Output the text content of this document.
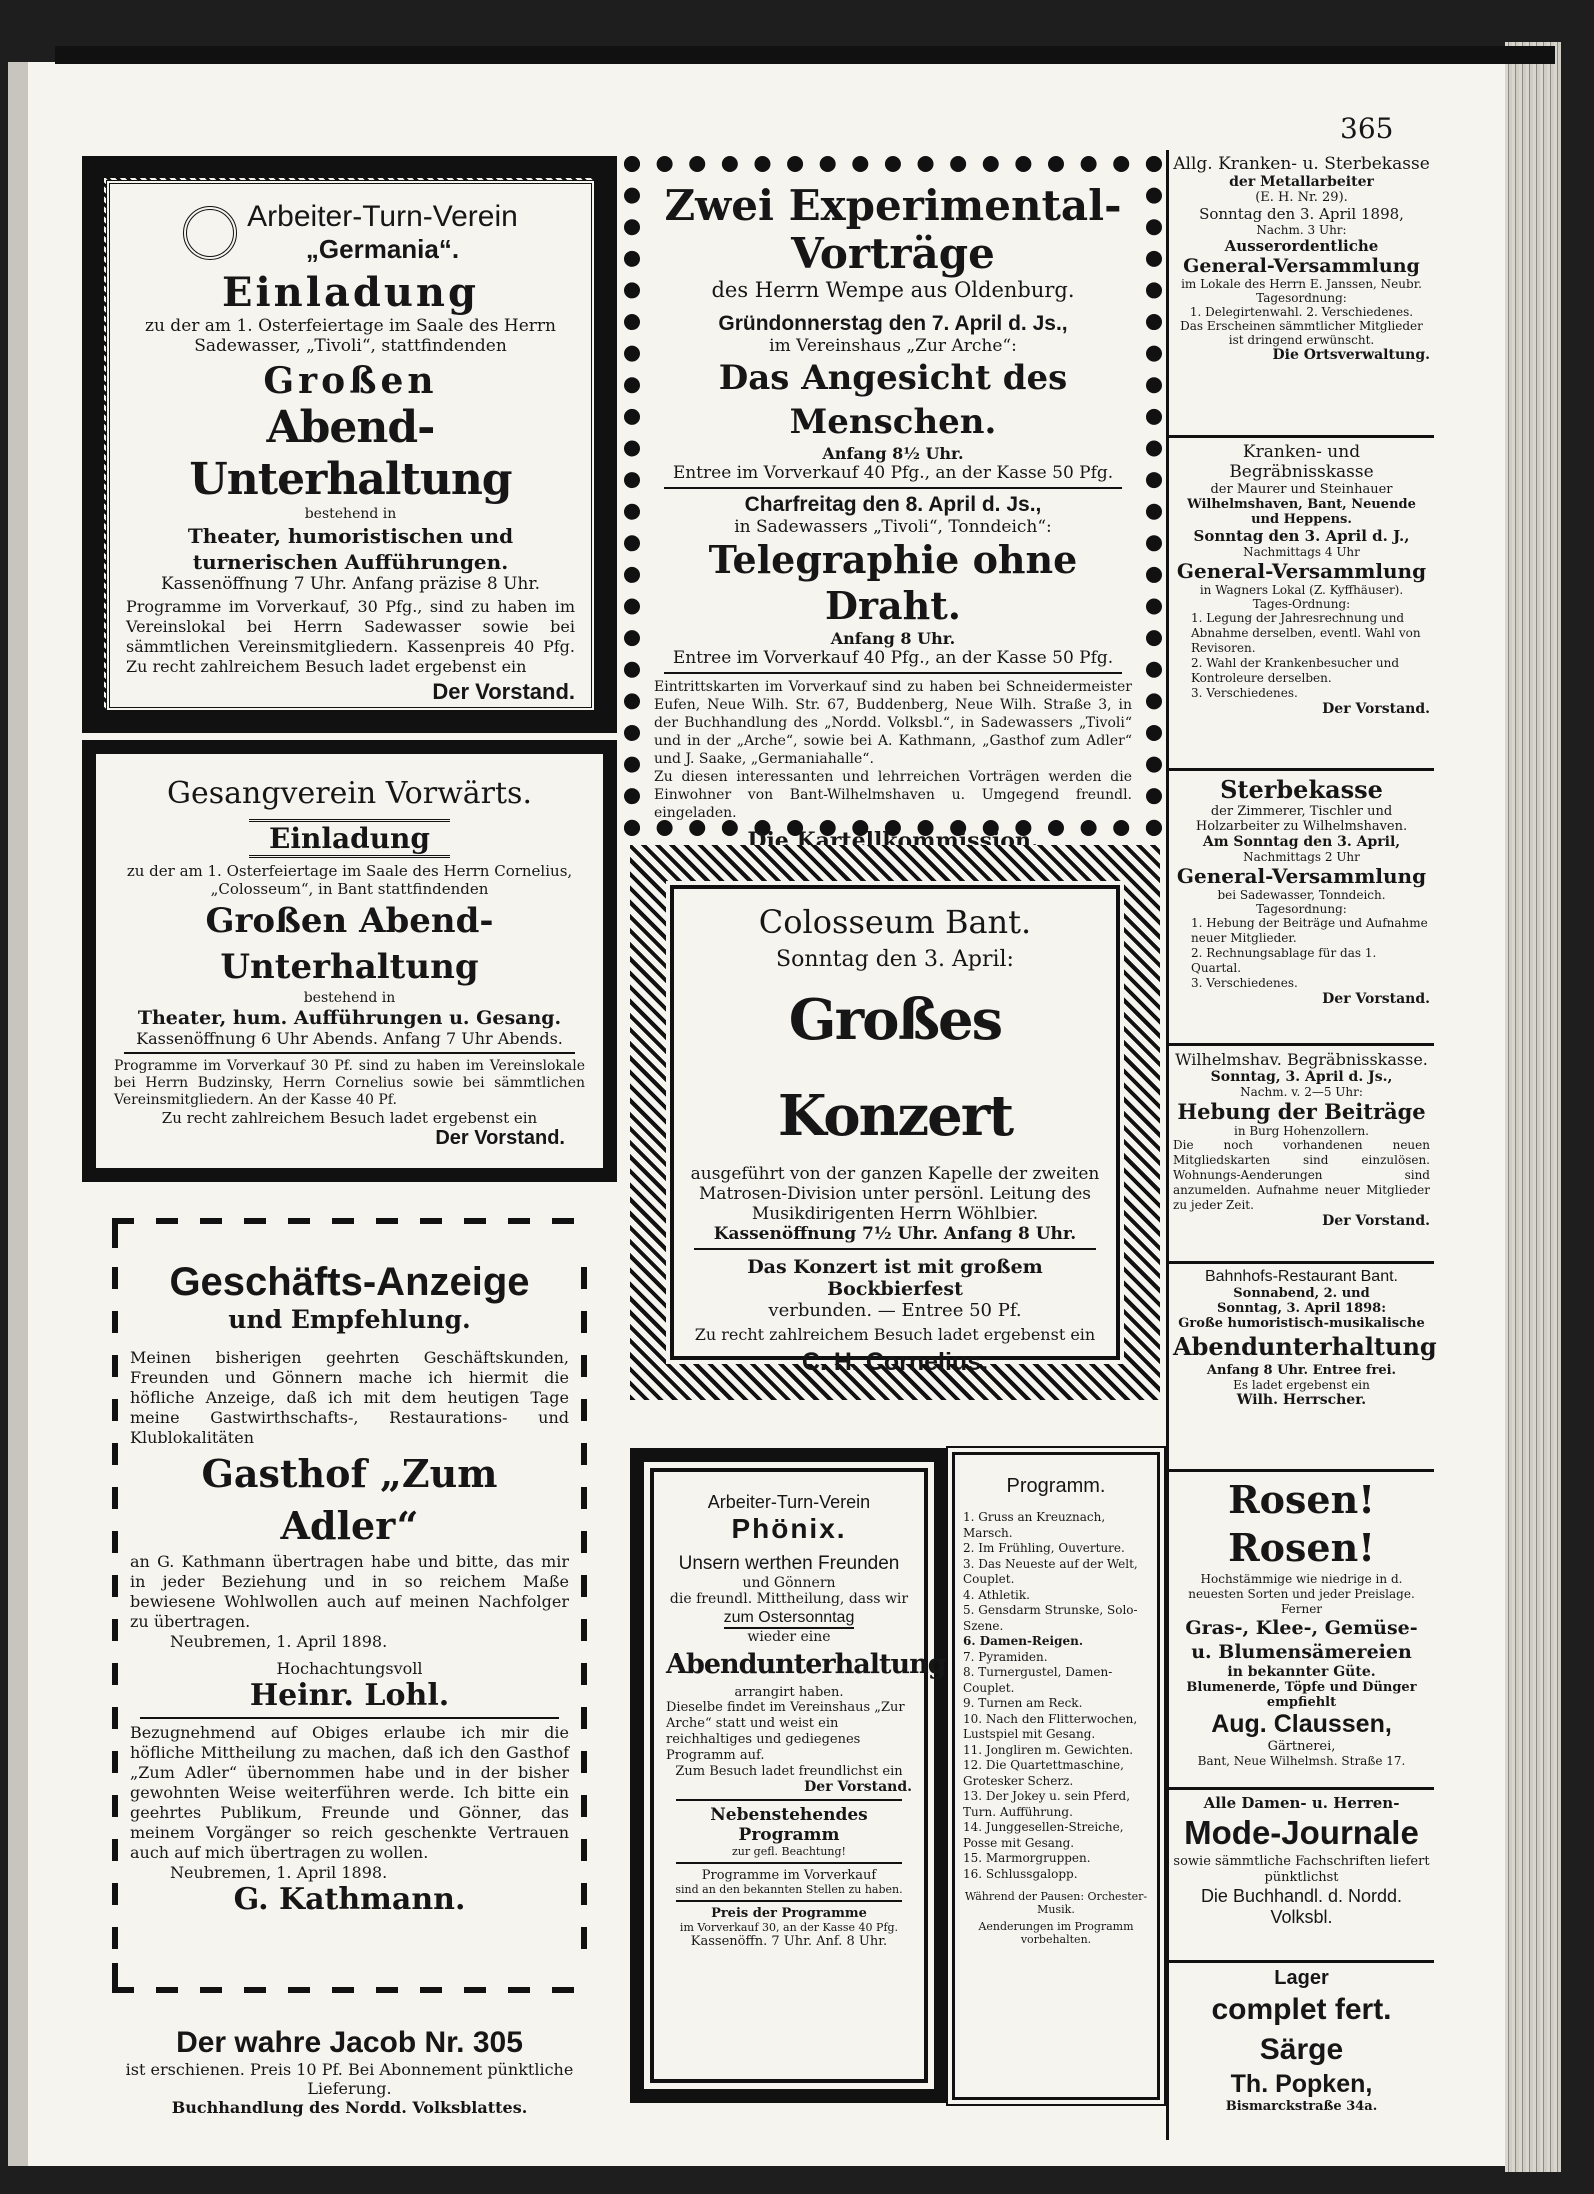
365
Arbeiter-Turn-Verein
„Germania“.
Einladung
zu der am 1. Osterfeiertage im Saale des Herrn Sadewasser, „Tivoli“, stattfindenden
Großen
Abend-Unterhaltung
bestehend in
Theater, humoristischen und turnerischen Aufführungen.
Kassenöffnung 7 Uhr. Anfang präzise 8 Uhr.
Programme im Vorverkauf, 30 Pfg., sind zu haben im Vereinslokal bei Herrn Sadewasser sowie bei sämmtlichen Vereinsmitgliedern. Kassenpreis 40 Pfg. Zu recht zahlreichem Besuch ladet ergebenst ein
Der Vorstand.
Zwei Experimental-Vorträge
des Herrn Wempe aus Oldenburg.
Gründonnerstag den 7. April d. Js.,
im Vereinshaus „Zur Arche“:
Das Angesicht des Menschen.
Anfang 8½ Uhr.
Entree im Vorverkauf 40 Pfg., an der Kasse 50 Pfg.
Charfreitag den 8. April d. Js.,
in Sadewassers „Tivoli“, Tonndeich“:
Telegraphie ohne Draht.
Anfang 8 Uhr.
Entree im Vorverkauf 40 Pfg., an der Kasse 50 Pfg.
Eintrittskarten im Vorverkauf sind zu haben bei Schneidermeister Eufen, Neue Wilh. Str. 67, Buddenberg, Neue Wilh. Straße 3, in der Buchhandlung des „Nordd. Volksbl.“, in Sadewassers „Tivoli“ und in der „Arche“, sowie bei A. Kathmann, „Gasthof zum Adler“ und J. Saake, „Germaniahalle“.
Zu diesen interessanten und lehrreichen Vorträgen werden die Einwohner von Bant-Wilhelmshaven u. Umgegend freundl. eingeladen.
Die Kartellkommission.
Gesangverein Vorwärts.
Einladung
zu der am 1. Osterfeiertage im Saale des Herrn Cornelius, „Colosseum“, in Bant stattfindenden
Großen Abend-Unterhaltung
bestehend in
Theater, hum. Aufführungen u. Gesang.
Kassenöffnung 6 Uhr Abends. Anfang 7 Uhr Abends.
Programme im Vorverkauf 30 Pf. sind zu haben im Vereinslokale bei Herrn Budzinsky, Herrn Cornelius sowie bei sämmtlichen Vereinsmitgliedern. An der Kasse 40 Pf.
Zu recht zahlreichem Besuch ladet ergebenst ein
Der Vorstand.
Colosseum Bant.
Sonntag den 3. April:
Großes Konzert
ausgeführt von der ganzen Kapelle der zweiten Matrosen-Division unter persönl. Leitung des Musikdirigenten Herrn Wöhlbier.
Kassenöffnung 7½ Uhr. Anfang 8 Uhr.
Das Konzert ist mit großem Bockbierfest
verbunden. — Entree 50 Pf.
Zu recht zahlreichem Besuch ladet ergebenst ein
C. H. Cornelius.
Geschäfts-Anzeige
und Empfehlung.
Meinen bisherigen geehrten Geschäftskunden, Freunden und Gönnern mache ich hiermit die höfliche Anzeige, daß ich mit dem heutigen Tage meine Gastwirthschafts-, Restaurations- und Klublokalitäten
Gasthof „Zum Adler“
an G. Kathmann übertragen habe und bitte, das mir in jeder Beziehung und in so reichem Maße bewiesene Wohlwollen auch auf meinen Nachfolger zu übertragen.
Neubremen, 1. April 1898.
Hochachtungsvoll
Heinr. Lohl.
Bezugnehmend auf Obiges erlaube ich mir die höfliche Mittheilung zu machen, daß ich den Gasthof „Zum Adler“ übernommen habe und in der bisher gewohnten Weise weiterführen werde. Ich bitte ein geehrtes Publikum, Freunde und Gönner, das meinem Vorgänger so reich geschenkte Vertrauen auch auf mich übertragen zu wollen.
Neubremen, 1. April 1898.
G. Kathmann.
Der wahre Jacob Nr. 305
ist erschienen. Preis 10 Pf. Bei Abonnement pünktliche Lieferung.
Buchhandlung des Nordd. Volksblattes.
Arbeiter-Turn-Verein
Phönix.
Unsern werthen Freunden
und Gönnern
die freundl. Mittheilung, dass wir
zum Ostersonntag
wieder eine
Abendunterhaltung
arrangirt haben.
Dieselbe findet im Vereinshaus „Zur Arche“ statt und weist ein reichhaltiges und gediegenes Programm auf.
Zum Besuch ladet freundlichst ein
Der Vorstand.
Nebenstehendes Programm
zur gefl. Beachtung!
Programme im Vorverkauf
sind an den bekannten Stellen zu haben.
Preis der Programme
im Vorverkauf 30, an der Kasse 40 Pfg.
Kassenöffn. 7 Uhr. Anf. 8 Uhr.
Programm.
1. Gruss an Kreuznach, Marsch.
2. Im Frühling, Ouverture.
3. Das Neueste auf der Welt, Couplet.
4. Athletik.
5. Gensdarm Strunske, Solo-Szene.
6. Damen-Reigen.
7. Pyramiden.
8. Turnergustel, Damen-Couplet.
9. Turnen am Reck.
10. Nach den Flitterwochen, Lustspiel mit Gesang.
11. Jongliren m. Gewichten.
12. Die Quartettmaschine, Grotesker Scherz.
13. Der Jokey u. sein Pferd, Turn. Aufführung.
14. Junggesellen-Streiche, Posse mit Gesang.
15. Marmorgruppen.
16. Schlussgalopp.
Während der Pausen: Orchester-Musik.
Aenderungen im Programm vorbehalten.
Allg. Kranken- u. Sterbekasse
der Metallarbeiter
(E. H. Nr. 29).
Sonntag den 3. April 1898,
Nachm. 3 Uhr:
Ausserordentliche
General-Versammlung
im Lokale des Herrn E. Janssen, Neubr.
Tagesordnung:
1. Delegirtenwahl. 2. Verschiedenes.
Das Erscheinen sämmtlicher Mitglieder ist dringend erwünscht.
Die Ortsverwaltung.
Kranken- und Begräbnisskasse
der Maurer und Steinhauer
Wilhelmshaven, Bant, Neuende und Heppens.
Sonntag den 3. April d. J.,
Nachmittags 4 Uhr
General-Versammlung
in Wagners Lokal (Z. Kyffhäuser).
Tages-Ordnung:
1. Legung der Jahresrechnung und Abnahme derselben, eventl. Wahl von Revisoren.
2. Wahl der Krankenbesucher und Kontroleure derselben.
3. Verschiedenes.
Der Vorstand.
Sterbekasse
der Zimmerer, Tischler und Holzarbeiter zu Wilhelmshaven.
Am Sonntag den 3. April,
Nachmittags 2 Uhr
General-Versammlung
bei Sadewasser, Tonndeich.
Tagesordnung:
1. Hebung der Beiträge und Aufnahme neuer Mitglieder.
2. Rechnungsablage für das 1. Quartal.
3. Verschiedenes.
Der Vorstand.
Wilhelmshav. Begräbnisskasse.
Sonntag, 3. April d. Js.,
Nachm. v. 2—5 Uhr:
Hebung der Beiträge
in Burg Hohenzollern.
Die noch vorhandenen neuen Mitgliedskarten sind einzulösen. Wohnungs-Aenderungen sind anzumelden. Aufnahme neuer Mitglieder zu jeder Zeit.
Der Vorstand.
Bahnhofs-Restaurant Bant.
Sonnabend, 2. und
Sonntag, 3. April 1898:
Große humoristisch-musikalische
Abendunterhaltung
Anfang 8 Uhr. Entree frei.
Es ladet ergebenst ein
Wilh. Herrscher.
Rosen! Rosen!
Hochstämmige wie niedrige in d. neuesten Sorten und jeder Preislage.
Ferner
Gras-, Klee-, Gemüse- u. Blumensämereien
in bekannter Güte.
Blumenerde, Töpfe und Dünger empfiehlt
Aug. Claussen,
Gärtnerei,
Bant, Neue Wilhelmsh. Straße 17.
Alle Damen- u. Herren-
Mode-Journale
sowie sämmtliche Fachschriften liefert pünktlichst
Die Buchhandl. d. Nordd. Volksbl.
Lager
complet fert. Särge
Th. Popken,
Bismarckstraße 34a.
